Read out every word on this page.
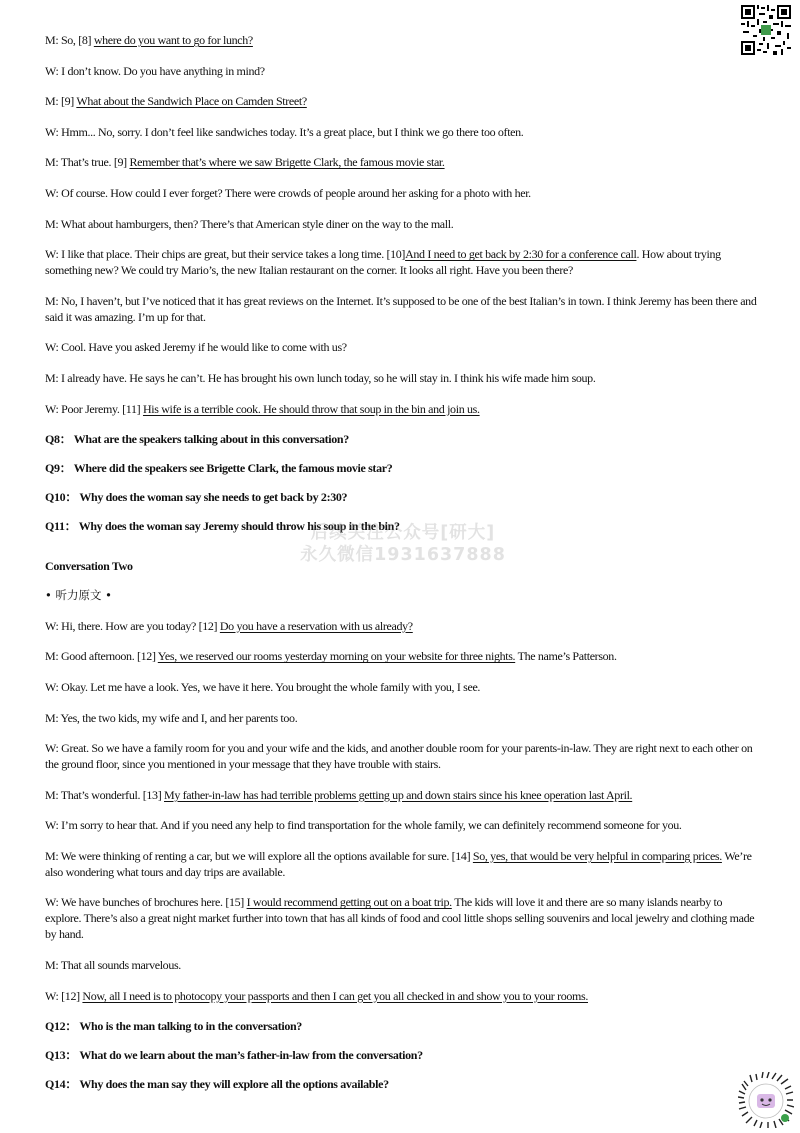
M: So, [8] where do you want to go for lunch?

W: I don’t know. Do you have anything in mind?

M: [9] What about the Sandwich Place on Camden Street?

W: Hmm... No, sorry. I don’t feel like sandwiches today. It’s a great place, but I think we go there too often.

M: That’s true. [9] Remember that’s where we saw Brigette Clark, the famous movie star.

W: Of course. How could I ever forget? There were crowds of people around her asking for a photo with her.

M: What about hamburgers, then? There’s that American style diner on the way to the mall.

W: I like that place. Their chips are great, but their service takes a long time. [10]And I need to get back by 2:30 for a conference call. How about trying something new? We could try Mario’s, the new Italian restaurant on the corner. It looks all right. Have you been there?

M: No, I haven’t, but I’ve noticed that it has great reviews on the Internet. It’s supposed to be one of the best Italian’s in town. I think Jeremy has been there and said it was amazing. I’m up for that.

W: Cool. Have you asked Jeremy if he would like to come with us?

M: I already have. He says he can’t. He has brought his own lunch today, so he will stay in. I think his wife made him soup.

W: Poor Jeremy. [11] His wife is a terrible cook. He should throw that soup in the bin and join us.

Q8： What are the speakers talking about in this conversation?

Q9： Where did the speakers see Brigette Clark, the famous movie star?

Q10： Why does the woman say she needs to get back by 2:30?

Q11： Why does the woman say Jeremy should throw his soup in the bin?

Conversation Two

• 听力原文 •

W: Hi, there. How are you today? [12] Do you have a reservation with us already?

M: Good afternoon. [12] Yes, we reserved our rooms yesterday morning on your website for three nights. The name’s Patterson.

W: Okay. Let me have a look. Yes, we have it here. You brought the whole family with you, I see.

M: Yes, the two kids, my wife and I, and her parents too.

W: Great. So we have a family room for you and your wife and the kids, and another double room for your parents-in-law. They are right next to each other on the ground floor, since you mentioned in your message that they have trouble with stairs.

M: That’s wonderful. [13] My father-in-law has had terrible problems getting up and down stairs since his knee operation last April.

W: I’m sorry to hear that. And if you need any help to find transportation for the whole family, we can definitely recommend someone for you.

M: We were thinking of renting a car, but we will explore all the options available for sure. [14] So, yes, that would be very helpful in comparing prices. We’re also wondering what tours and day trips are available.

W: We have bunches of brochures here. [15] I would recommend getting out on a boat trip. The kids will love it and there are so many islands nearby to explore. There’s also a great night market further into town that has all kinds of food and cool little shops selling souvenirs and local jewelry and clothing made by hand.

M: That all sounds marvelous.

W: [12] Now, all I need is to photocopy your passports and then I can get you all checked in and show you to your rooms.

Q12： Who is the man talking to in the conversation?

Q13： What do we learn about the man’s father-in-law from the conversation?

Q14： Why does the man say they will explore all the options available?

后续关注公众号[研大]
永久微信1931637888
